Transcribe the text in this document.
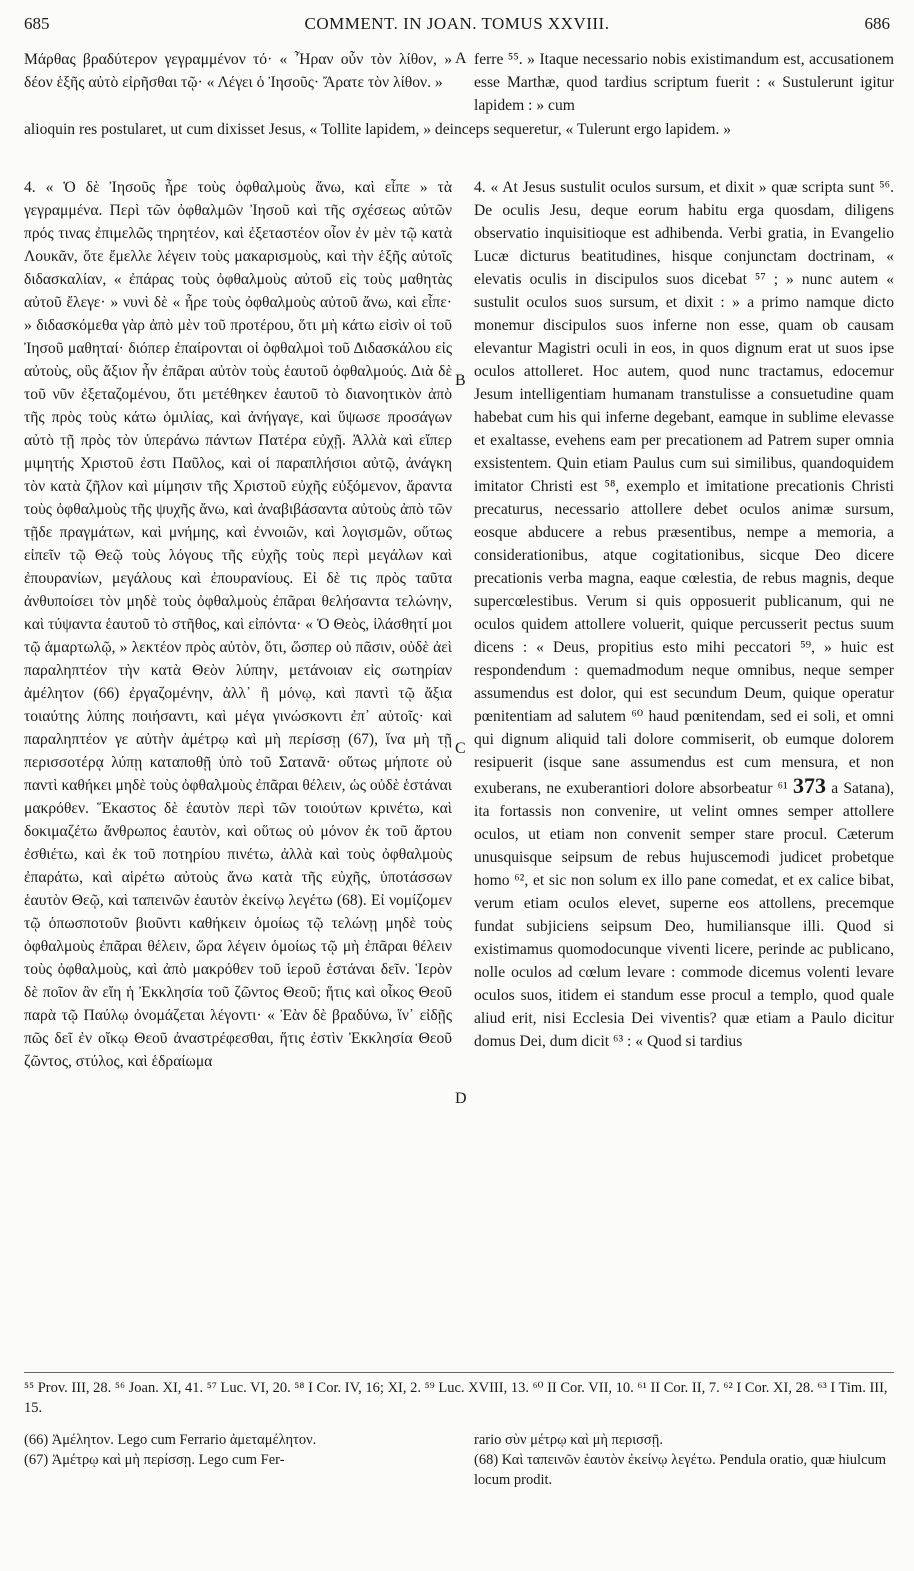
685	COMMENT. IN JOAN. TOMUS XXVIII.	686
Μάρθας βραδύτερον γεγραμμένον τό· « Ἦραν οὖν τὸν λίθον, » δέον ἑξῆς αὐτὸ εἰρῆσθαι τῷ· « Λέγει ὁ Ἰησοῦς· Ἄρατε τὸν λίθον. »
ferre ⁵⁵. » Itaque necessario nobis existimandum est, accusationem esse Marthæ, quod tardius scriptum fuerit : « Sustulerunt igitur lapidem : » cum
alioquin res postularet, ut cum dixisset Jesus, « Tollite lapidem, » deinceps sequeretur, « Tulerunt ergo lapidem. »
A
B
C
D
4. « Ὁ δὲ Ἰησοῦς ἦρε τοὺς ὀφθαλμοὺς ἄνω, καὶ εἶπε » τὰ γεγραμμένα. Περὶ τῶν ὀφθαλμῶν Ἰησοῦ καὶ τῆς σχέσεως αὐτῶν πρός τινας ἐπιμελῶς τηρητέον, καὶ ἐξεταστέον οἷον ἐν μὲν τῷ κατὰ Λουκᾶν, ὅτε ἔμελλε λέγειν τοὺς μακαρισμοὺς, καὶ τὴν ἑξῆς αὐτοῖς διδασκαλίαν, « ἐπάρας τοὺς ὀφθαλμοὺς αὐτοῦ εἰς τοὺς μαθητὰς αὐτοῦ ἔλεγε· » νυνὶ δὲ « ἦρε τοὺς ὀφθαλμοὺς αὐτοῦ ἄνω, καὶ εἶπε· » διδασκόμεθα γὰρ ἀπὸ μὲν τοῦ προτέρου, ὅτι μὴ κάτω εἰσὶν οἱ τοῦ Ἰησοῦ μαθηταί· διόπερ ἐπαίρονται οἱ ὀφθαλμοὶ τοῦ Διδασκάλου εἰς αὐτοὺς, οὓς ἄξιον ἦν ἐπᾶραι αὐτὸν τοὺς ἑαυτοῦ ὀφθαλμούς. Διὰ δὲ τοῦ νῦν ἐξεταζομένου, ὅτι μετέθηκεν ἑαυτοῦ τὸ διανοητικὸν ἀπὸ τῆς πρὸς τοὺς κάτω ὁμιλίας, καὶ ἀνήγαγε, καὶ ὕψωσε προσάγων αὐτὸ τῇ πρὸς τὸν ὑπεράνω πάντων Πατέρα εὐχῇ. Ἀλλὰ καὶ εἴπερ μιμητής Χριστοῦ ἐστι Παῦλος, καὶ οἱ παραπλήσιοι αὐτῷ, ἀνάγκη τὸν κατὰ ζῆλον καὶ μίμησιν τῆς Χριστοῦ εὐχῆς εὐξόμενον, ἄραντα τοὺς ὀφθαλμοὺς τῆς ψυχῆς ἄνω, καὶ ἀναβιβάσαντα αὐτοὺς ἀπὸ τῶν τῇδε πραγμάτων, καὶ μνήμης, καὶ ἐννοιῶν, καὶ λογισμῶν, οὕτως εἰπεῖν τῷ Θεῷ τοὺς λόγους τῆς εὐχῆς τοὺς περὶ μεγάλων καὶ ἐπουρανίων, μεγάλους καὶ ἐπουρανίους. Εἰ δὲ τις πρὸς ταῦτα ἀνθυποίσει τὸν μηδὲ τοὺς ὀφθαλμοὺς ἐπᾶραι θελήσαντα τελώνην, καὶ τύψαντα ἑαυτοῦ τὸ στῆθος, καὶ εἰπόντα· « Ὁ Θεὸς, ἱλάσθητί μοι τῷ ἁμαρτωλῷ, » λεκτέον πρὸς αὐτὸν, ὅτι, ὥσπερ οὐ πᾶσιν, οὐδὲ ἀεὶ παραληπτέον τὴν κατὰ Θεὸν λύπην, μετάνοιαν εἰς σωτηρίαν ἀμέλητον (66) ἐργαζομένην, ἀλλ᾽ ἢ μόνῳ, καὶ παντὶ τῷ ἄξια τοιαύτης λύπης ποιήσαντι, καὶ μέγα γινώσκοντι ἐπ᾽ αὐτοῖς· καὶ παραληπτέον γε αὐτὴν ἀμέτρῳ καὶ μὴ περίσσῃ (67), ἵνα μὴ τῇ περισσοτέρᾳ λύπῃ καταποθῇ ὑπὸ τοῦ Σατανᾶ· οὕτως μήποτε οὐ παντὶ καθήκει μηδὲ τοὺς ὀφθαλμοὺς ἐπᾶραι θέλειν, ὡς οὐδὲ ἑστάναι μακρόθεν. Ἕκαστος δὲ ἑαυτὸν περὶ τῶν τοιούτων κρινέτω, καὶ δοκιμαζέτω ἄνθρωπος ἑαυτὸν, καὶ οὕτως οὐ μόνον ἐκ τοῦ ἄρτου ἐσθιέτω, καὶ ἐκ τοῦ ποτηρίου πινέτω, ἀλλὰ καὶ τοὺς ὀφθαλμοὺς ἐπαράτω, καὶ αἱρέτω αὐτοὺς ἄνω κατὰ τῆς εὐχῆς, ὑποτάσσων ἑαυτὸν Θεῷ, καὶ ταπεινῶν ἑαυτὸν ἐκείνῳ λεγέτω (68). Εἰ νομίζομεν τῷ ὁπωσποτοῦν βιοῦντι καθήκειν ὁμοίως τῷ τελώνῃ μηδὲ τοὺς ὀφθαλμοὺς ἐπᾶραι θέλειν, ὥρα λέγειν ὁμοίως τῷ μὴ ἐπᾶραι θέλειν τοὺς ὀφθαλμοὺς, καὶ ἀπὸ μακρόθεν τοῦ ἱεροῦ ἑστάναι δεῖν. Ἱερὸν δὲ ποῖον ἂν εἴη ἡ Ἐκκλησία τοῦ ζῶντος Θεοῦ; ἥτις καὶ οἶκος Θεοῦ παρὰ τῷ Παύλῳ ὀνομάζεται λέγοντι· « Ἐὰν δὲ βραδύνω, ἵν᾽ εἰδῇς πῶς δεῖ ἐν οἴκῳ Θεοῦ ἀναστρέφεσθαι, ἥτις ἐστὶν Ἐκκλησία Θεοῦ ζῶντος, στύλος, καὶ ἑδραίωμα
4. « At Jesus sustulit oculos sursum, et dixit » quæ scripta sunt ⁵⁶. De oculis Jesu, deque eorum habitu erga quosdam, diligens observatio inquisitioque est adhibenda. Verbi gratia, in Evangelio Lucæ dicturus beatitudines, hisque conjunctam doctrinam, « elevatis oculis in discipulos suos dicebat ⁵⁷ ; » nunc autem « sustulit oculos suos sursum, et dixit : » a primo namque dicto monemur discipulos suos inferne non esse, quam ob causam elevantur Magistri oculi in eos, in quos dignum erat ut suos ipse oculos attolleret. Hoc autem, quod nunc tractamus, edocemur Jesum intelligentiam humanam transtulisse a consuetudine quam habebat cum his qui inferne degebant, eamque in sublime elevasse et exaltasse, evehens eam per precationem ad Patrem super omnia exsistentem. Quin etiam Paulus cum sui similibus, quandoquidem imitator Christi est ⁵⁸, exemplo et imitatione precationis Christi precaturus, necessario attollere debet oculos animæ sursum, eosque abducere a rebus præsentibus, nempe a memoria, a considerationibus, atque cogitationibus, sicque Deo dicere precationis verba magna, eaque cœlestia, de rebus magnis, deque supercœlestibus. Verum si quis opposuerit publicanum, qui ne oculos quidem attollere voluerit, quique percusserit pectus suum dicens : « Deus, propitius esto mihi peccatori ⁵⁹, » huic est respondendum : quemadmodum neque omnibus, neque semper assumendus est dolor, qui est secundum Deum, quique operatur pœnitentiam ad salutem ⁶⁰ haud pœnitendam, sed ei soli, et omni qui dignum aliquid tali dolore commiserit, ob eumque dolorem resipuerit (isque sane assumendus est cum mensura, et non exuberans, ne exuberantiori dolore absorbeatur ⁶¹ 373 a Satana), ita fortassis non convenire, ut velint omnes semper attollere oculos, ut etiam non convenit semper stare procul. Cæterum unusquisque seipsum de rebus hujuscemodi judicet probetque homo ⁶², et sic non solum ex illo pane comedat, et ex calice bibat, verum etiam oculos elevet, superne eos attollens, precemque fundat subjiciens seipsum Deo, humiliansque illi. Quod si existimamus quomodocunque viventi licere, perinde ac publicano, nolle oculos ad cœlum levare : commode dicemus volenti levare oculos suos, itidem ei standum esse procul a templo, quod quale aliud erit, nisi Ecclesia Dei viventis? quæ etiam a Paulo dicitur domus Dei, dum dicit ⁶³ : « Quod si tardius
⁵⁵ Prov. III, 28. ⁵⁶ Joan. XI, 41. ⁵⁷ Luc. VI, 20. ⁵⁸ I Cor. IV, 16; XI, 2. ⁵⁹ Luc. XVIII, 13. ⁶⁰ II Cor. VII, 10. ⁶¹ II Cor. II, 7. ⁶² I Cor. XI, 28. ⁶³ I Tim. III, 15.
(66) Ἀμέλητον. Lego cum Ferrario ἀμεταμέλητον.
(67) Ἀμέτρῳ καὶ μὴ περίσσῃ. Lego cum Fer-
rario σὺν μέτρῳ καὶ μὴ περισσῇ.
(68) Καὶ ταπεινῶν ἑαυτὸν ἐκείνῳ λεγέτω. Pendula oratio, quæ hiulcum locum prodit.
